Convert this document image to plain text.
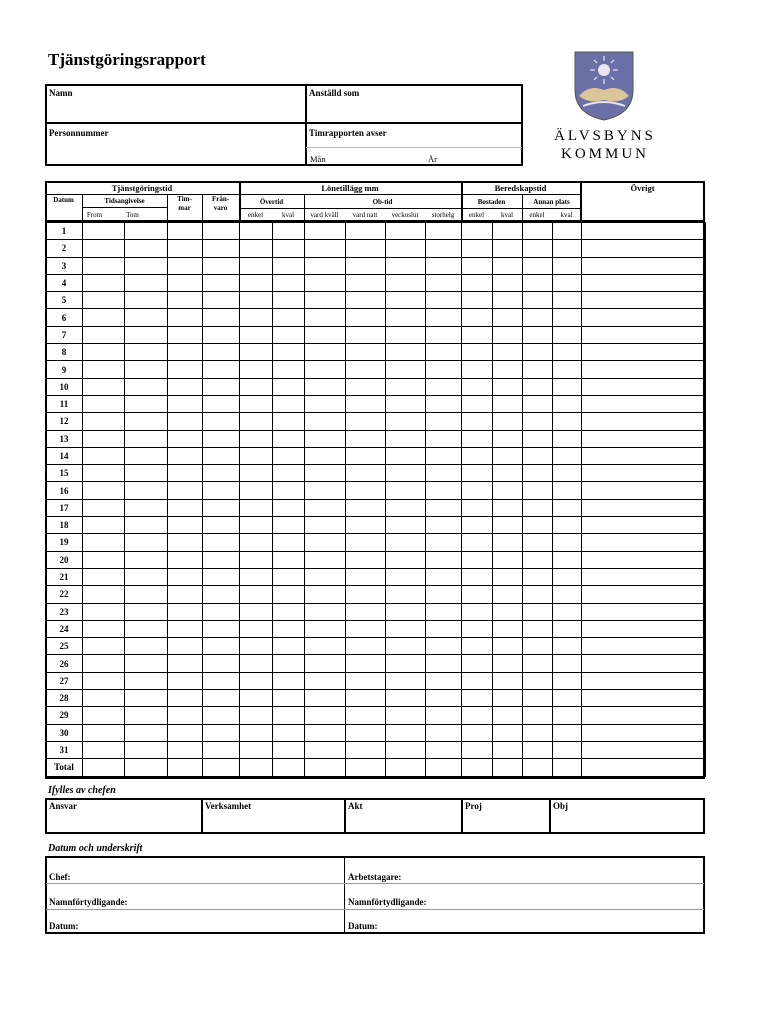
Tjänstgöringsrapport
Namn	Anställd som
Personnummer	Timrapporten avser
Mån	År
ÄLVSBYNS
KOMMUN
Tjänstgöringstid	Lönetillägg mm	Beredskapstid	Övrigt
Datum	Tidsangivelse
From	Tom
Tim-
mar
Från-
varo
Övertid	Ob-tid	Bostaden	Annan plats
enkel	kval	vard kväll	vard natt	veckoslut	storhelg	enkel	kval	enkel	kval
1															
2															
3															
4															
5															
6															
7															
8															
9															
10															
11															
12															
13															
14															
15															
16															
17															
18															
19															
20															
21															
22															
23															
24															
25															
26															
27															
28															
29															
30															
31															
Total															
Ifylles av chefen
Ansvar	Verksamhet	Akt	Proj	Obj
Datum och underskrift
Chef:	Arbetstagare:
Namnförtydligande:	Namnförtydligande:
Datum:	Datum:
